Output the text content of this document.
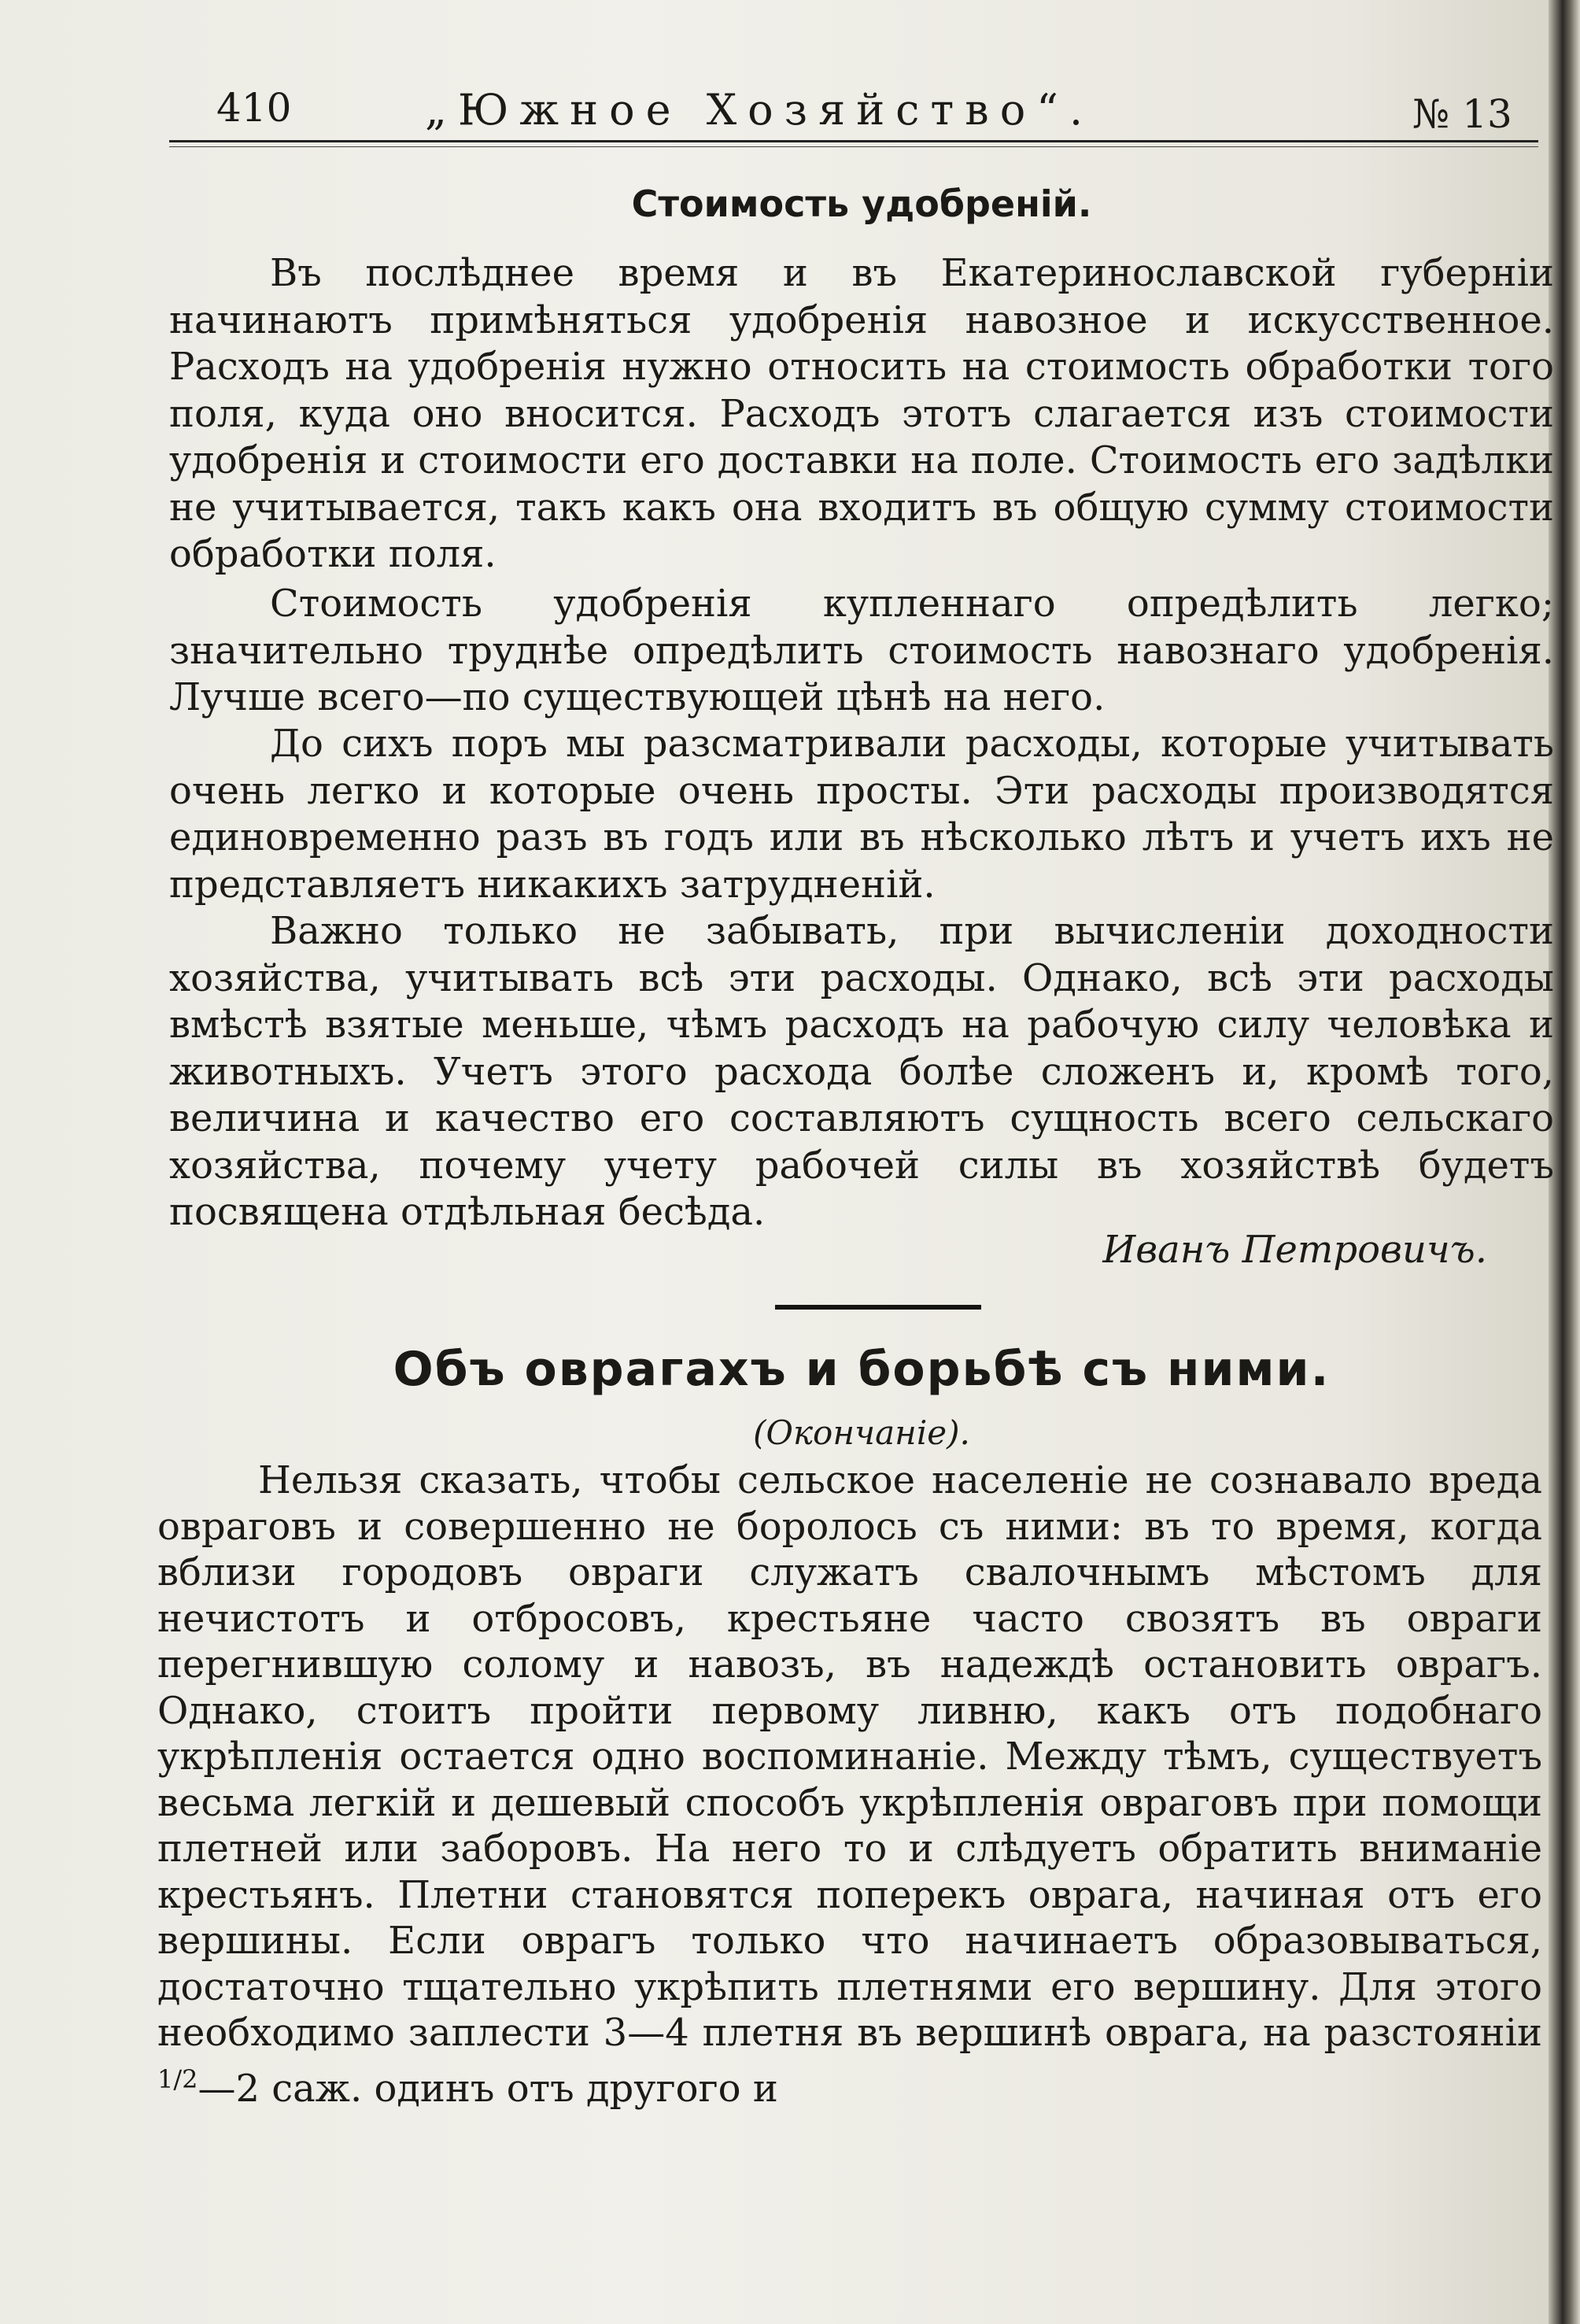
410	„Южное Хозяйство“.	№ 13
Стоимость удобреній.

Въ послѣднее время и въ Екатеринославской губерніи начинаютъ примѣняться удобренія навозное и искусственное. Расходъ на удобренія нужно относить на стоимость обработки того поля, куда оно вносится. Расходъ этотъ слагается изъ стоимости удобренія и стоимости его доставки на поле. Стоимость его задѣлки не учитывается, такъ какъ она входитъ въ общую сумму стоимости обработки поля.

Стоимость удобренія купленнаго опредѣлить легко; значительно труднѣе опредѣлить стоимость навознаго удобренія. Лучше всего—по существующей цѣнѣ на него.

До сихъ поръ мы разсматривали расходы, которые учитывать очень легко и которые очень просты. Эти расходы производятся единовременно разъ въ годъ или въ нѣсколько лѣтъ и учетъ ихъ не представляетъ никакихъ затрудненій.

Важно только не забывать, при вычисленіи доходности хозяйства, учитывать всѣ эти расходы. Однако, всѣ эти расходы вмѣстѣ взятые меньше, чѣмъ расходъ на рабочую силу человѣка и животныхъ. Учетъ этого расхода болѣе сложенъ и, кромѣ того, величина и качество его составляютъ сущность всего сельскаго хозяйства, почему учету рабочей силы въ хозяйствѣ будетъ посвящена отдѣльная бесѣда.

Иванъ Петровичъ.
Объ оврагахъ и борьбѣ съ ними.
(Окончаніе).

Нельзя сказать, чтобы сельское населеніе не сознавало вреда овраговъ и совершенно не боролось съ ними: въ то время, когда вблизи городовъ овраги служатъ свалочнымъ мѣстомъ для нечистотъ и отбросовъ, крестьяне часто свозятъ въ овраги перегнившую солому и навозъ, въ надеждѣ остановить оврагъ. Однако, стоитъ пройти первому ливню, какъ отъ подобнаго укрѣпленія остается одно воспоминаніе. Между тѣмъ, существуетъ весьма легкій и дешевый способъ укрѣпленія овраговъ при помощи плетней или заборовъ. На него то и слѣдуетъ обратить вниманіе крестьянъ. Плетни становятся поперекъ оврага, начиная отъ его вершины. Если оврагъ только что начинаетъ образовываться, достаточно тщательно укрѣпить плетнями его вершину. Для этого необходимо заплести 3—4 плетня въ вершинѣ оврага, на разстояніи $^{1/2}$—2 саж. одинъ отъ другого и
